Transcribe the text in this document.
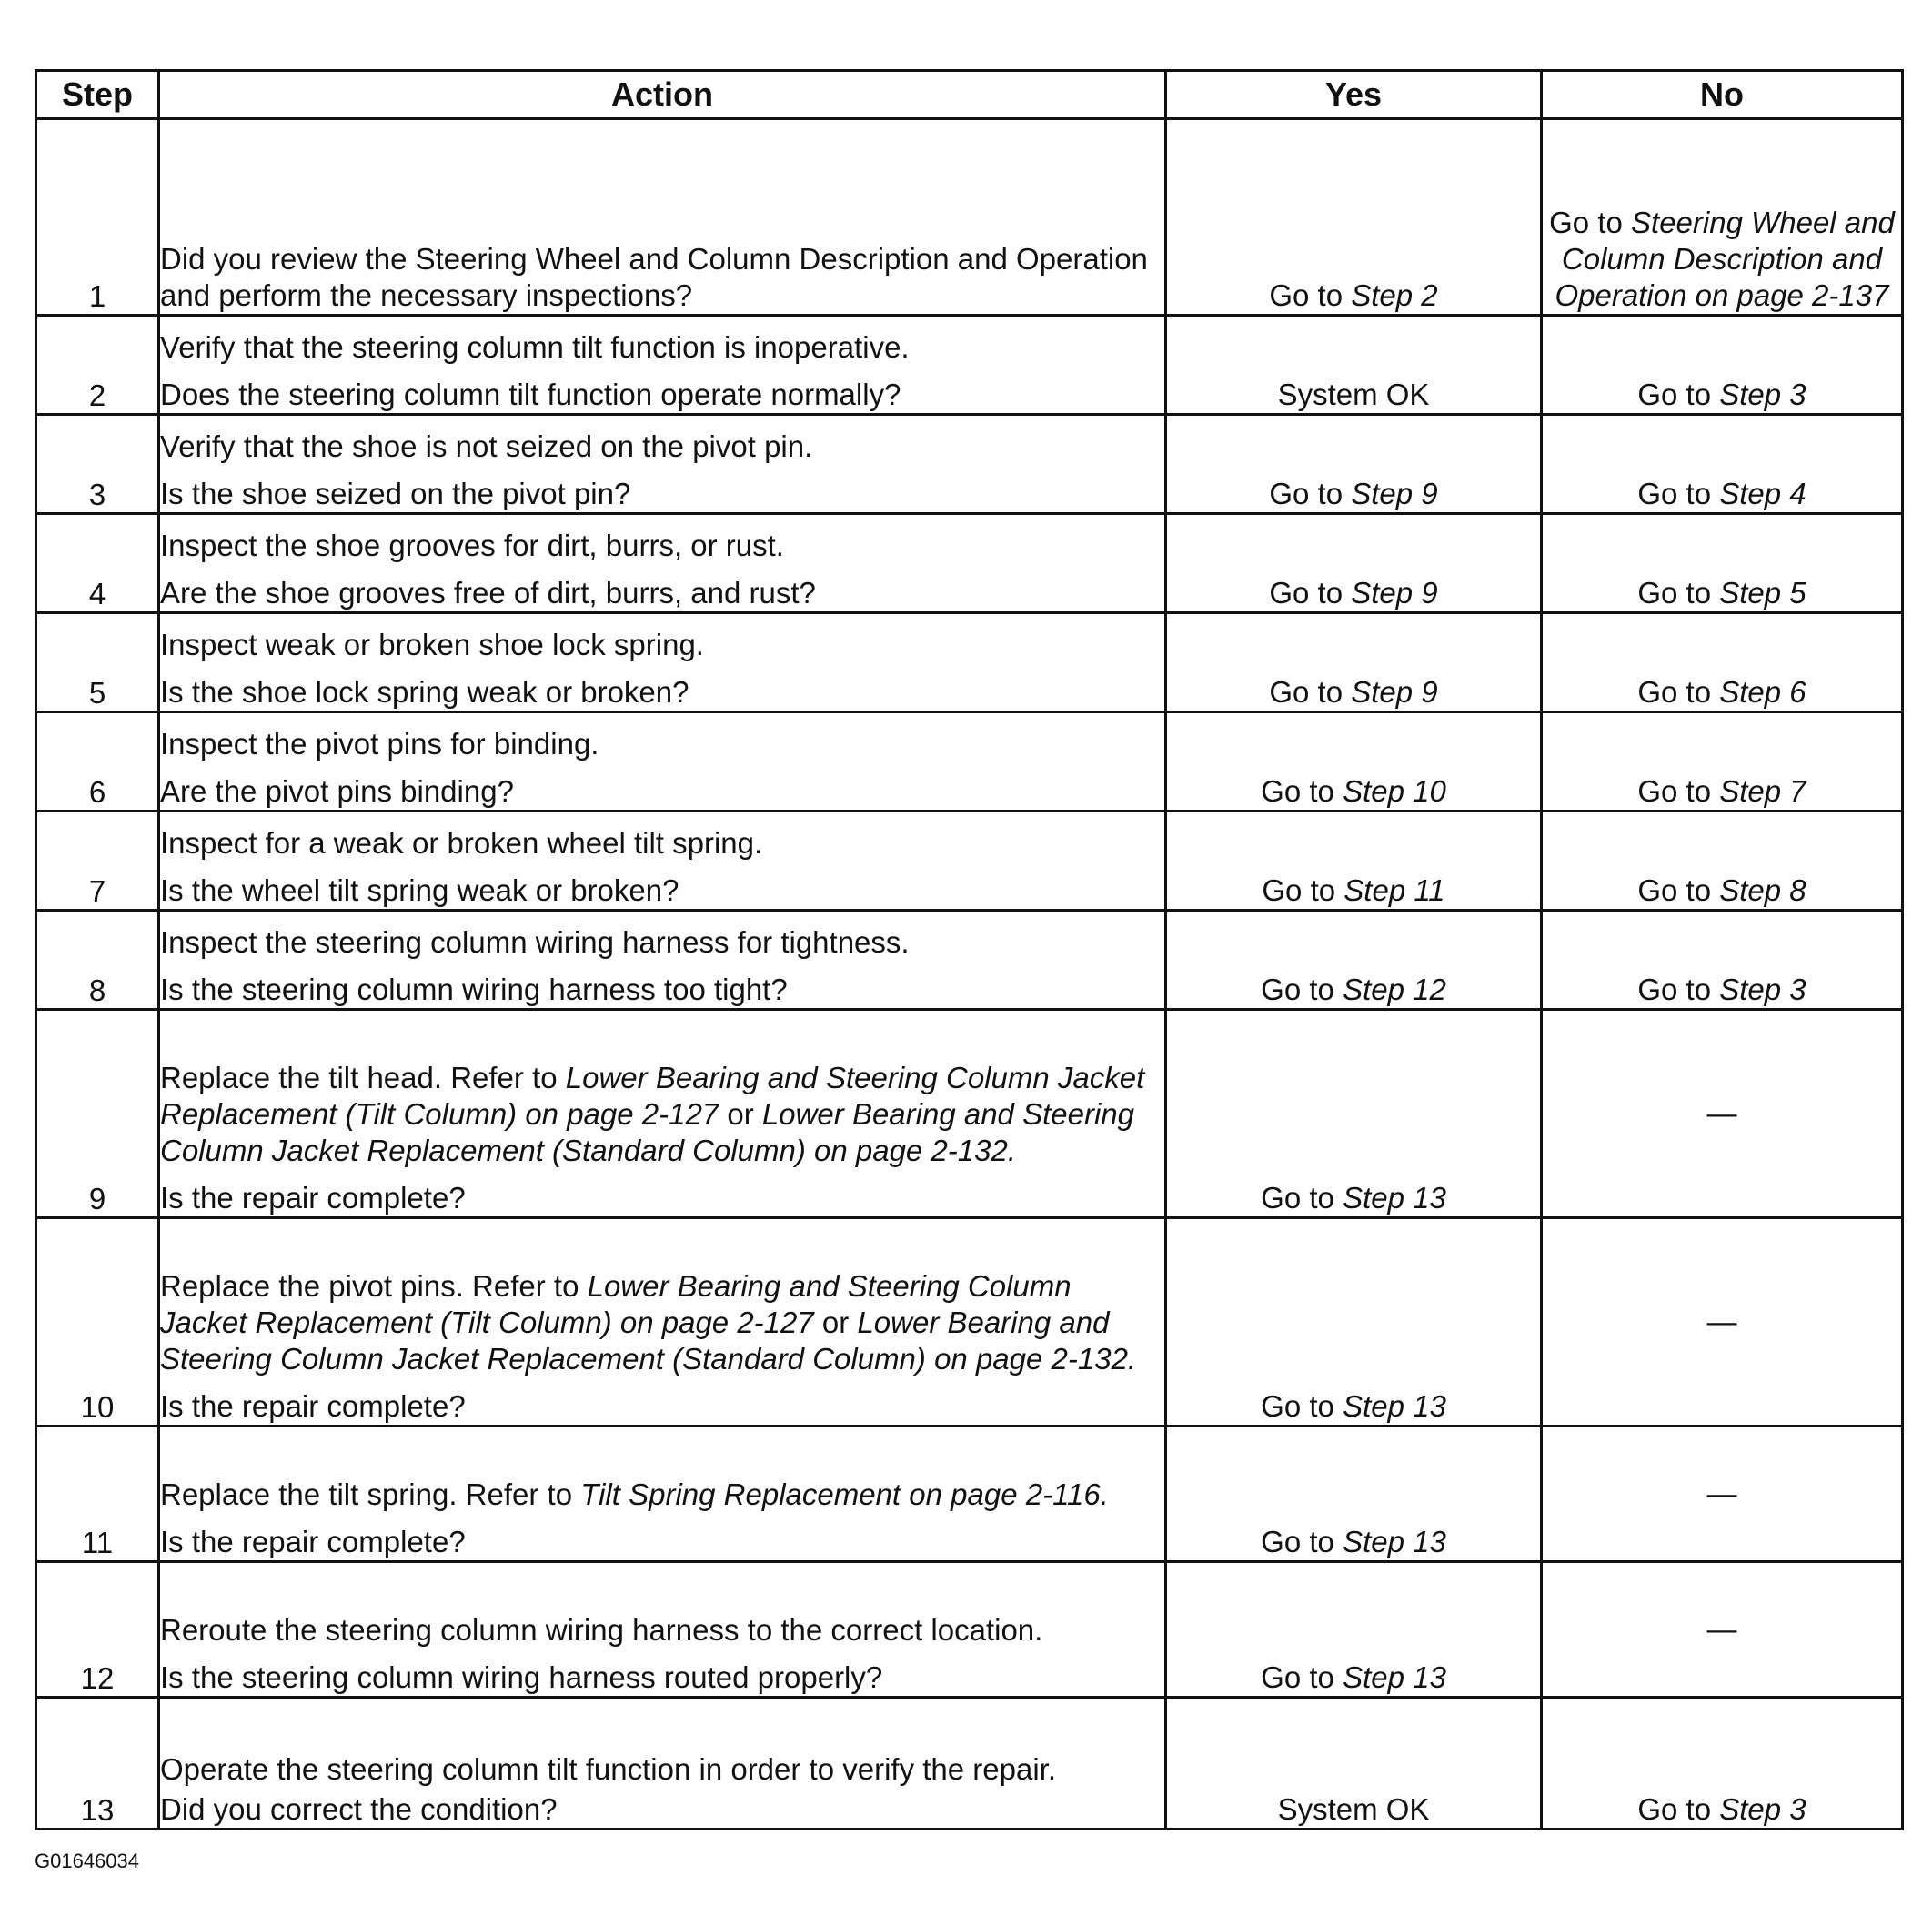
Step	Action	Yes	No
1	Did you review the Steering Wheel and Column Description and Operation and perform the necessary inspections?	Go to Step 2	Go to Steering Wheel and Column Description and Operation on page 2-137
2	Verify that the steering column tilt function is inoperative.
Does the steering column tilt function operate normally?	System OK	Go to Step 3
3	Verify that the shoe is not seized on the pivot pin.
Is the shoe seized on the pivot pin?	Go to Step 9	Go to Step 4
4	Inspect the shoe grooves for dirt, burrs, or rust.
Are the shoe grooves free of dirt, burrs, and rust?	Go to Step 9	Go to Step 5
5	Inspect weak or broken shoe lock spring.
Is the shoe lock spring weak or broken?	Go to Step 9	Go to Step 6
6	Inspect the pivot pins for binding.
Are the pivot pins binding?	Go to Step 10	Go to Step 7
7	Inspect for a weak or broken wheel tilt spring.
Is the wheel tilt spring weak or broken?	Go to Step 11	Go to Step 8
8	Inspect the steering column wiring harness for tightness.
Is the steering column wiring harness too tight?	Go to Step 12	Go to Step 3
9	Replace the tilt head. Refer to Lower Bearing and Steering Column Jacket Replacement (Tilt Column) on page 2-127 or Lower Bearing and Steering Column Jacket Replacement (Standard Column) on page 2-132.
Is the repair complete?	Go to Step 13	—
10	Replace the pivot pins. Refer to Lower Bearing and Steering Column Jacket Replacement (Tilt Column) on page 2-127 or Lower Bearing and Steering Column Jacket Replacement (Standard Column) on page 2-132.
Is the repair complete?	Go to Step 13	—
11	Replace the tilt spring. Refer to Tilt Spring Replacement on page 2-116.
Is the repair complete?	Go to Step 13	—
12	Reroute the steering column wiring harness to the correct location.
Is the steering column wiring harness routed properly?	Go to Step 13	—
13	Operate the steering column tilt function in order to verify the repair.
Did you correct the condition?	System OK	Go to Step 3
G01646034
